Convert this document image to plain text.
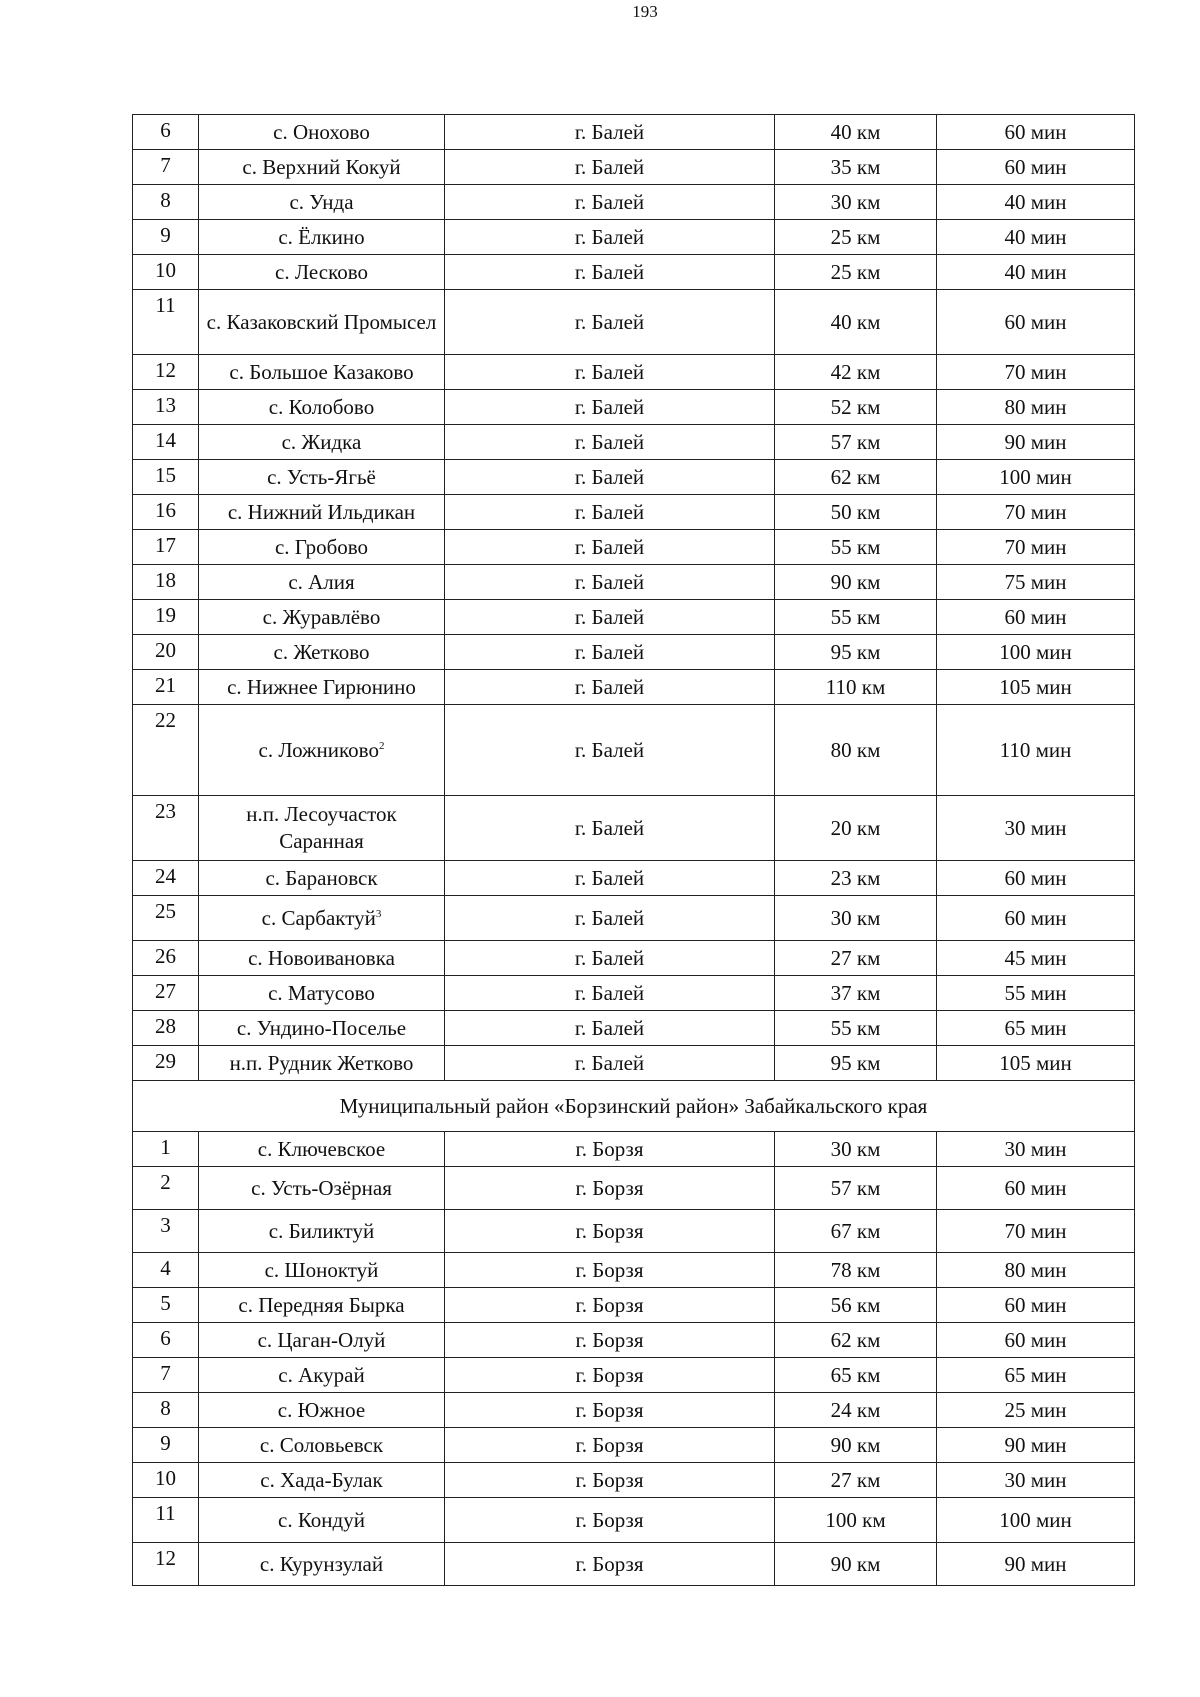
193
6	с. Онохово	г. Балей	40 км	60 мин
7	с. Верхний Кокуй	г. Балей	35 км	60 мин
8	с. Унда	г. Балей	30 км	40 мин
9	с. Ёлкино	г. Балей	25 км	40 мин
10	с. Лесково	г. Балей	25 км	40 мин
11	с. Казаковский Промысел	г. Балей	40 км	60 мин
12	с. Большое Казаково	г. Балей	42 км	70 мин
13	с. Колобово	г. Балей	52 км	80 мин
14	с. Жидка	г. Балей	57 км	90 мин
15	с. Усть-Ягьё	г. Балей	62 км	100 мин
16	с. Нижний Ильдикан	г. Балей	50 км	70 мин
17	с. Гробово	г. Балей	55 км	70 мин
18	с. Алия	г. Балей	90 км	75 мин
19	с. Журавлёво	г. Балей	55 км	60 мин
20	с. Жетково	г. Балей	95 км	100 мин
21	с. Нижнее Гирюнино	г. Балей	110 км	105 мин
22	с. Ложниково$^2$	г. Балей	80 км	110 мин
23	н.п. Лесоучасток Саранная	г. Балей	20 км	30 мин
24	с. Барановск	г. Балей	23 км	60 мин
25	с. Сарбактуй$^3$	г. Балей	30 км	60 мин
26	с. Новоивановка	г. Балей	27 км	45 мин
27	с. Матусово	г. Балей	37 км	55 мин
28	с. Ундино-Поселье	г. Балей	55 км	65 мин
29	н.п. Рудник Жетково	г. Балей	95 км	105 мин
Муниципальный район «Борзинский район» Забайкальского края				
1	с. Ключевское	г. Борзя	30 км	30 мин
2	с. Усть-Озёрная	г. Борзя	57 км	60 мин
3	с. Биликтуй	г. Борзя	67 км	70 мин
4	с. Шоноктуй	г. Борзя	78 км	80 мин
5	с. Передняя Бырка	г. Борзя	56 км	60 мин
6	с. Цаган-Олуй	г. Борзя	62 км	60 мин
7	с. Акурай	г. Борзя	65 км	65 мин
8	с. Южное	г. Борзя	24 км	25 мин
9	с. Соловьевск	г. Борзя	90 км	90 мин
10	с. Хада-Булак	г. Борзя	27 км	30 мин
11	с. Кондуй	г. Борзя	100 км	100 мин
12	с. Курунзулай	г. Борзя	90 км	90 мин
